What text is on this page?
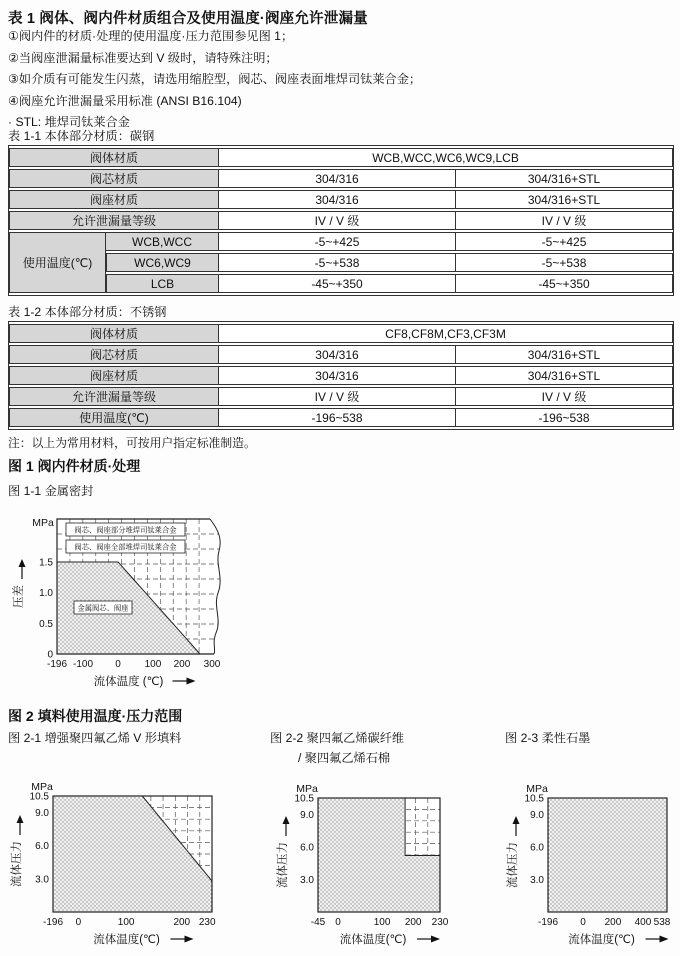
表 1 阀体、阀内件材质组合及使用温度·阀座允许泄漏量
①阀内件的材质·处理的使用温度·压力范围参见图 1；
②当阀座泄漏量标准要达到 V 级时，请特殊注明；
③如介质有可能发生闪蒸，请选用缩腔型，阀芯、阀座表面堆焊司钛莱合金；
④阀座允许泄漏量采用标准 (ANSI B16.104)
· STL: 堆焊司钛莱合金
表 1-1 本体部分材质：碳钢
阀体材质		WCB,WCC,WC6,WC9,LCB	
阀芯材质		304/316	304/316+STL
阀座材质		304/316	304/316+STL
允许泄漏量等级		IV / V 级	IV / V 级
使用温度(℃)	WCB,WCC	-5~+425	-5~+425
	WC6,WC9	-5~+538	-5~+538
	LCB	-45~+350	-45~+350
表 1-2 本体部分材质：不锈钢
阀体材质	CF8,CF8M,CF3,CF3M	
阀芯材质	304/316	304/316+STL
阀座材质	304/316	304/316+STL
允许泄漏量等级	IV / V 级	IV / V 级
使用温度(℃)	-196~538	-196~538
注：以上为常用材料，可按用户指定标准制造。
图 1 阀内件材质·处理
图 1-1 金属密封
-196 -100 0 100 200 300
0
0.5
1.0
1.5
MPa
流体温度 (℃)
压差
阀芯、阀座部分堆焊司钛莱合金
阀芯、阀座全部堆焊司钛莱合金
金属阀芯、阀座
图 2 填料使用温度·压力范围
图 2-1 增强聚四氟乙烯 V 形填料	图 2-2 聚四氟乙烯碳纤维
/ 聚四氟乙烯石棉
图 2-3 柔性石墨
-196 0	100	200 230
3.0
6.0
9.0
10.5
MPa
流体温度(℃)
流体压力
-45 0	100 200 230
3.0
6.0
9.0
10.5
MPa
流体温度(℃)
流体压力
-196 0 200 400 538
3.0
6.0
9.0
10.5
MPa
流体温度(℃)
流体压力
